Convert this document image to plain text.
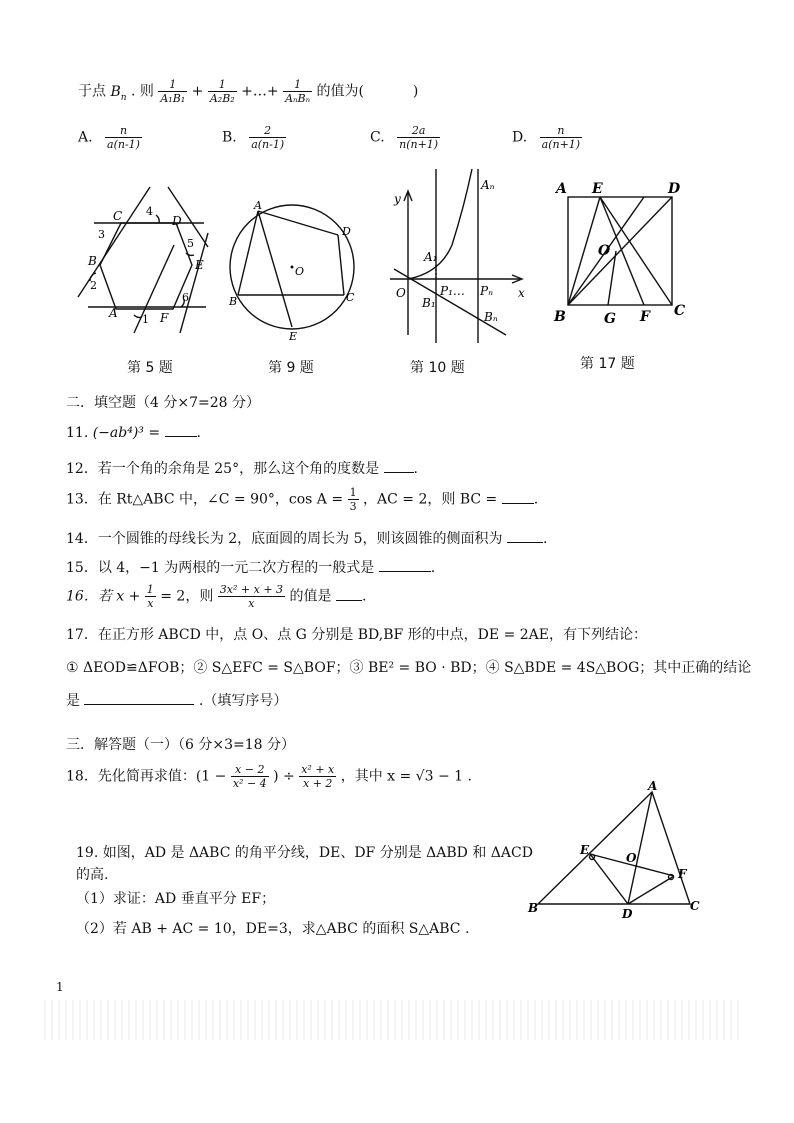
于点 $B_n$ . 则 $\frac{1}{\text{A₁B₁}} + \frac{1}{\text{A₂B₂}}$ +…+ $\frac{1}{\text{AₙBₙ}}$ 的值为(	)
A. $\frac{n}{a(n-1)}$	B. $\frac{2}{a(n-1)}$	C. $\frac{2a}{n(n+1)}$	D. $\frac{n}{a(n+1)}$
C	D
E
F
A
B
1
2
3
4
5
6
第 5 题
A
B	C
D
E
O
第 9 题
y
x
O
Aₙ
A₁
P₁… Pₙ
B₁
Bₙ
第 10 题
A E	D
O
B	G F C
第 17 题
二．填空题（4 分×7=28 分）
11. (−ab⁴)³ =	.
12．若一个角的余角是 25°，那么这个角的度数是 .
13．在 Rt△ABC 中，∠C = 90°，$\cos A = \frac{1}{3}$ ，AC = 2，则 BC =	.
14．一个圆锥的母线长为 2，底面圆的周长为 5，则该圆锥的侧面积为	.
15．以 4，−1 为两根的一元二次方程的一般式是	.
16．若 $x + \frac{1}{x} = 2$，则 $\frac{\text{3x² + x + 3}}{x}$ 的值是 .
17．在正方形 ABCD 中，点 O、点 G 分别是 BD,BF 形的中点，DE = 2AE，有下列结论：
① ΔEOD≌ΔFOB；② S△EFC = S△BOF；③ BE² = BO · BD；④ S△BDE = 4S△BOG；其中正确的结论
是	.（填写序号）
三．解答题（一）（6 分×3=18 分）
18．先化简再求值：($1 - \frac{x - 2}{\text{x² − 4}}$ ) ÷ $\frac{\text{x² + x}}{x + 2}$ ，其中 x = √3 − 1 .
19. 如图，AD 是 ΔABC 的角平分线，DE、DF 分别是 ΔABD 和 ΔACD
的高.
（1）求证：AD 垂直平分 EF；
（2）若 AB + AC = 10，DE=3，求△ABC 的面积 S△ABC .
A
E
O
F
B	D
C
1
